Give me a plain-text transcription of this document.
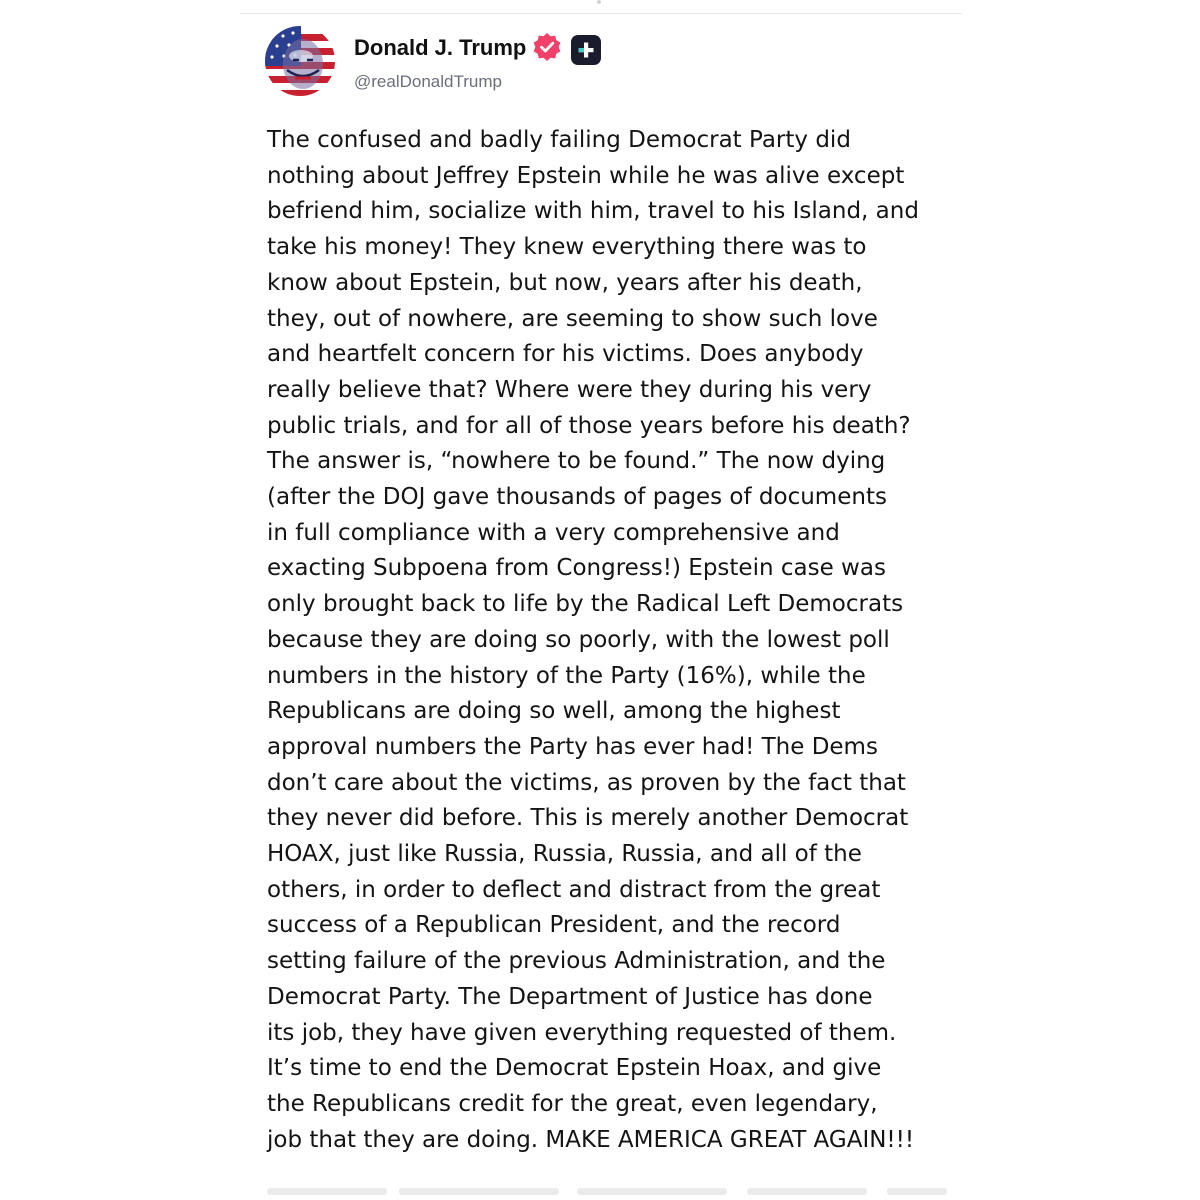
Donald J. Trump
@realDonaldTrump
The confused and badly failing Democrat Party did
nothing about Jeffrey Epstein while he was alive except
befriend him, socialize with him, travel to his Island, and
take his money! They knew everything there was to
know about Epstein, but now, years after his death,
they, out of nowhere, are seeming to show such love
and heartfelt concern for his victims. Does anybody
really believe that? Where were they during his very
public trials, and for all of those years before his death?
The answer is, “nowhere to be found.” The now dying
(after the DOJ gave thousands of pages of documents
in full compliance with a very comprehensive and
exacting Subpoena from Congress!) Epstein case was
only brought back to life by the Radical Left Democrats
because they are doing so poorly, with the lowest poll
numbers in the history of the Party (16%), while the
Republicans are doing so well, among the highest
approval numbers the Party has ever had! The Dems
don’t care about the victims, as proven by the fact that
they never did before. This is merely another Democrat
HOAX, just like Russia, Russia, Russia, and all of the
others, in order to deflect and distract from the great
success of a Republican President, and the record
setting failure of the previous Administration, and the
Democrat Party. The Department of Justice has done
its job, they have given everything requested of them.
It’s time to end the Democrat Epstein Hoax, and give
the Republicans credit for the great, even legendary,
job that they are doing. MAKE AMERICA GREAT AGAIN!!!
